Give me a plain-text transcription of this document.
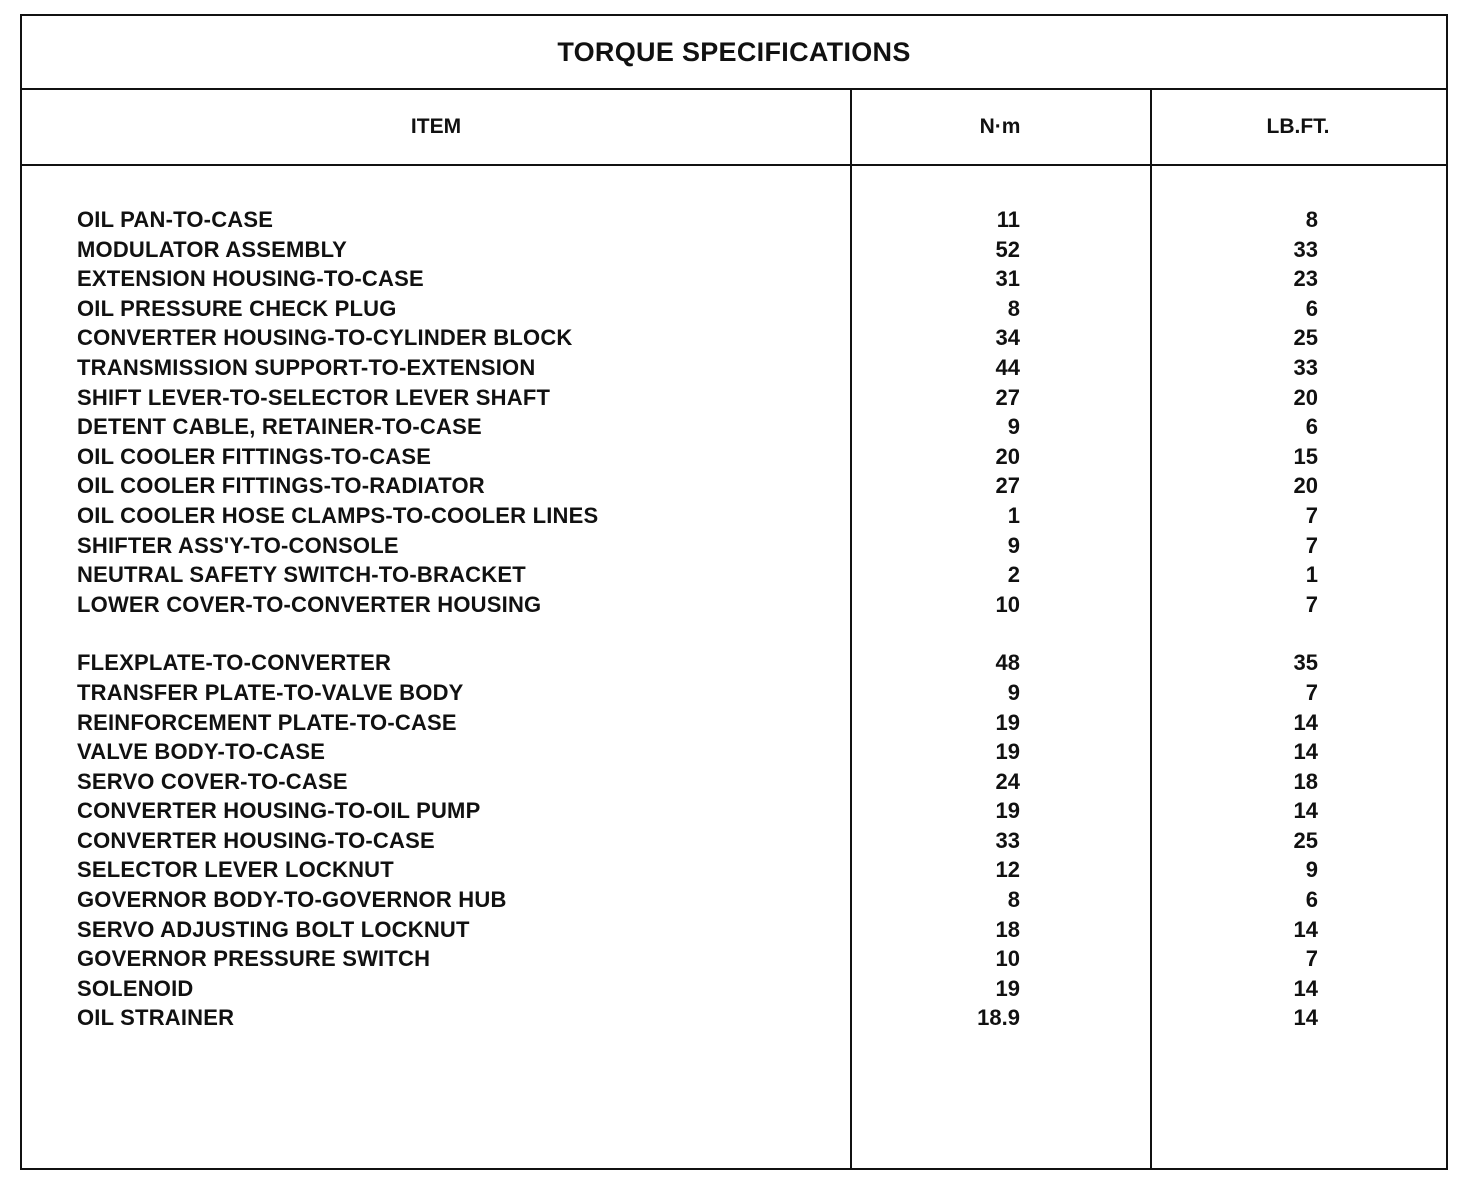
TORQUE SPECIFICATIONS
ITEM	N·m	LB.FT.
OIL PAN-TO-CASE	11	8
MODULATOR ASSEMBLY	52	33
EXTENSION HOUSING-TO-CASE	31	23
OIL PRESSURE CHECK PLUG	8	6
CONVERTER HOUSING-TO-CYLINDER BLOCK	34	25
TRANSMISSION SUPPORT-TO-EXTENSION	44	33
SHIFT LEVER-TO-SELECTOR LEVER SHAFT	27	20
DETENT CABLE, RETAINER-TO-CASE	9	6
OIL COOLER FITTINGS-TO-CASE	20	15
OIL COOLER FITTINGS-TO-RADIATOR	27	20
OIL COOLER HOSE CLAMPS-TO-COOLER LINES	1	7
SHIFTER ASS'Y-TO-CONSOLE	9	7
NEUTRAL SAFETY SWITCH-TO-BRACKET	2	1
LOWER COVER-TO-CONVERTER HOUSING	10	7
FLEXPLATE-TO-CONVERTER	48	35
TRANSFER PLATE-TO-VALVE BODY	9	7
REINFORCEMENT PLATE-TO-CASE	19	14
VALVE BODY-TO-CASE	19	14
SERVO COVER-TO-CASE	24	18
CONVERTER HOUSING-TO-OIL PUMP	19	14
CONVERTER HOUSING-TO-CASE	33	25
SELECTOR LEVER LOCKNUT	12	9
GOVERNOR BODY-TO-GOVERNOR HUB	8	6
SERVO ADJUSTING BOLT LOCKNUT	18	14
GOVERNOR PRESSURE SWITCH	10	7
SOLENOID	19	14
OIL STRAINER	18.9	14
